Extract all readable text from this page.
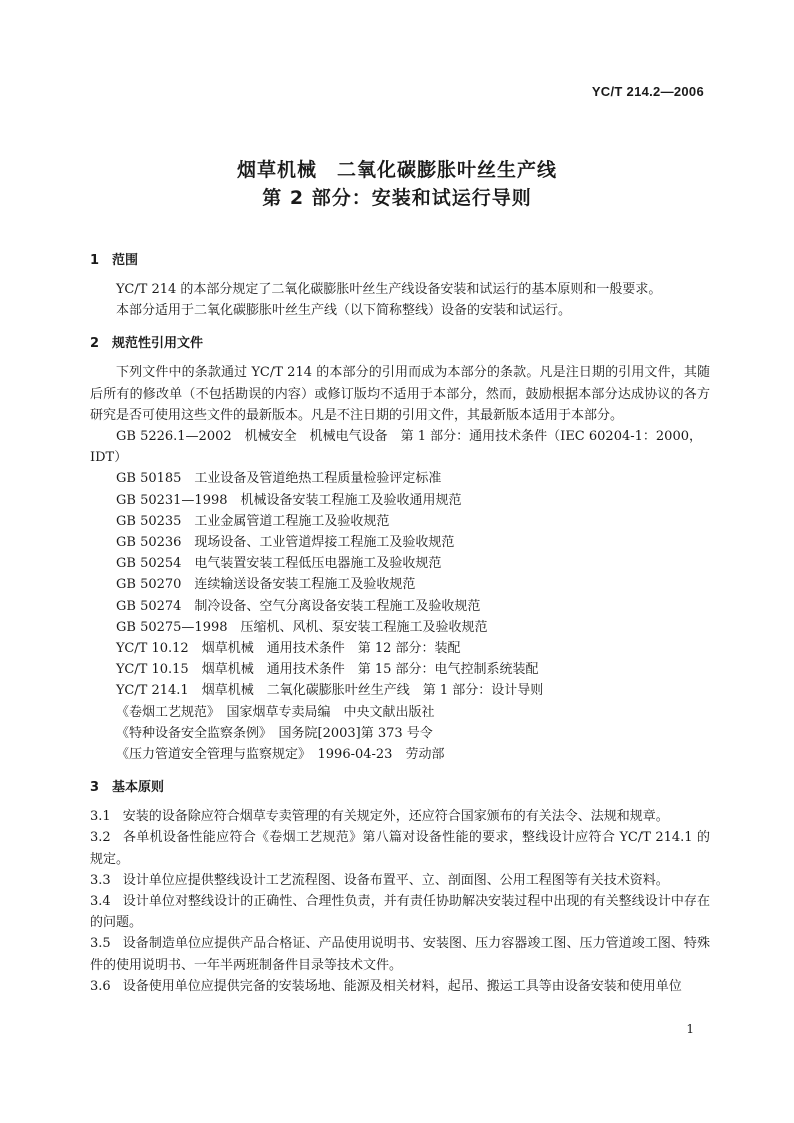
YC/T 214.2—2006
烟草机械　二氧化碳膨胀叶丝生产线
第 2 部分：安装和试运行导则
1 范围
YC/T 214 的本部分规定了二氧化碳膨胀叶丝生产线设备安装和试运行的基本原则和一般要求。
本部分适用于二氧化碳膨胀叶丝生产线（以下简称整线）设备的安装和试运行。
2 规范性引用文件
下列文件中的条款通过 YC/T 214 的本部分的引用而成为本部分的条款。凡是注日期的引用文件，其随后所有的修改单（不包括勘误的内容）或修订版均不适用于本部分，然而，鼓励根据本部分达成协议的各方研究是否可使用这些文件的最新版本。凡是不注日期的引用文件，其最新版本适用于本部分。
GB 5226.1—2002　机械安全　机械电气设备　第 1 部分：通用技术条件（IEC 60204-1：2000，
IDT）
GB 50185　工业设备及管道绝热工程质量检验评定标准
GB 50231—1998　机械设备安装工程施工及验收通用规范
GB 50235　工业金属管道工程施工及验收规范
GB 50236　现场设备、工业管道焊接工程施工及验收规范
GB 50254　电气装置安装工程低压电器施工及验收规范
GB 50270　连续输送设备安装工程施工及验收规范
GB 50274　制冷设备、空气分离设备安装工程施工及验收规范
GB 50275—1998　压缩机、风机、泵安装工程施工及验收规范
YC/T 10.12　烟草机械　通用技术条件　第 12 部分：装配
YC/T 10.15　烟草机械　通用技术条件　第 15 部分：电气控制系统装配
YC/T 214.1　烟草机械　二氧化碳膨胀叶丝生产线　第 1 部分：设计导则
《卷烟工艺规范》　国家烟草专卖局编　中央文献出版社
《特种设备安全监察条例》　国务院[2003]第 373 号令
《压力管道安全管理与监察规定》　1996-04-23　劳动部
3 基本原则
3.1 安装的设备除应符合烟草专卖管理的有关规定外，还应符合国家颁布的有关法令、法规和规章。
3.2 各单机设备性能应符合《卷烟工艺规范》第八篇对设备性能的要求，整线设计应符合 YC/T 214.1 的规定。
3.3 设计单位应提供整线设计工艺流程图、设备布置平、立、剖面图、公用工程图等有关技术资料。
3.4 设计单位对整线设计的正确性、合理性负责，并有责任协助解决安装过程中出现的有关整线设计中存在的问题。
3.5 设备制造单位应提供产品合格证、产品使用说明书、安装图、压力容器竣工图、压力管道竣工图、特殊件的使用说明书、一年半两班制备件目录等技术文件。
3.6 设备使用单位应提供完备的安装场地、能源及相关材料，起吊、搬运工具等由设备安装和使用单位
1
